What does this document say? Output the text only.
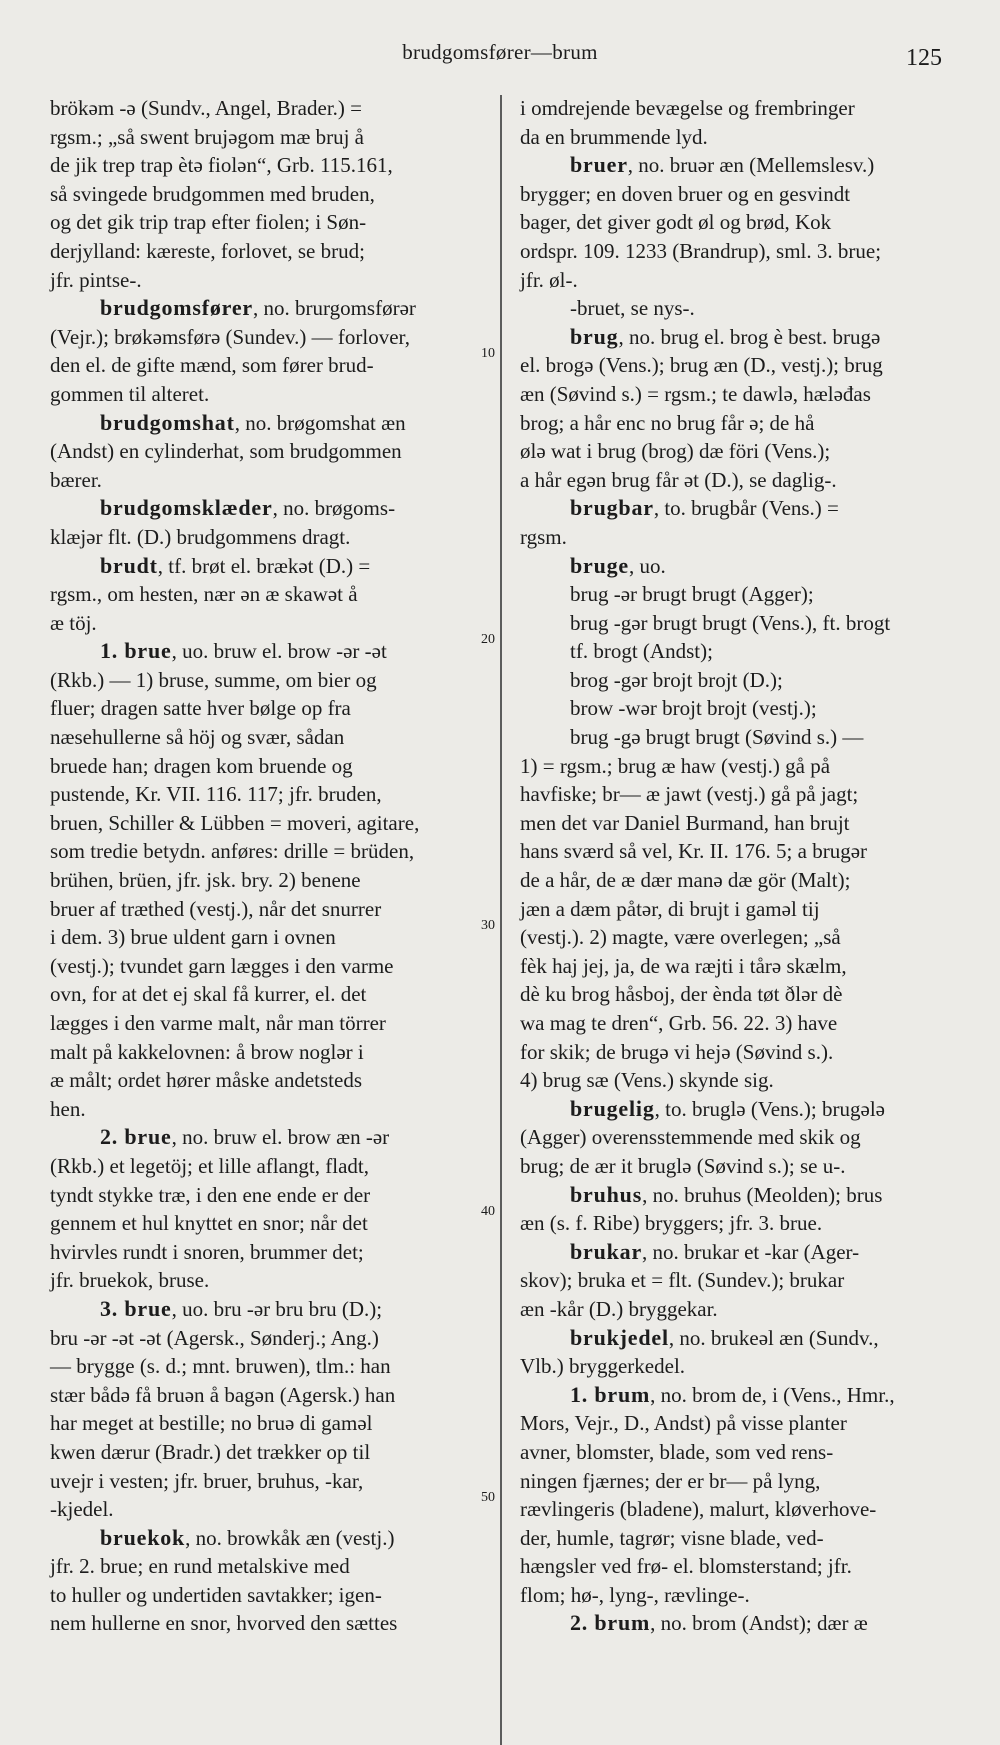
brudgomsfører—brum	125
brökəm -ə (Sundv., Angel, Brader.) =
rgsm.; „så swent brujəgom mæ bruj å
de jik trep trap ètə fiolən“, Grb. 115.161,
så svingede brudgommen med bruden,
og det gik trip trap efter fiolen; i Søn-
derjylland: kæreste, forlovet, se brud;
jfr. pintse-.
brudgomsfører, no. brurgomsførər
(Vejr.); brøkəmsførə (Sundev.) — forlover,
den el. de gifte mænd, som fører brud-
gommen til alteret.
brudgomshat, no. brøgomshat æn
(Andst) en cylinderhat, som brudgommen
bærer.
brudgomsklæder, no. brøgoms-
klæjər flt. (D.) brudgommens dragt.
brudt, tf. brøt el. brækət (D.) =
rgsm., om hesten, nær ən æ skawət å
æ töj.
1. brue, uo. bruw el. brow -ər -ət
(Rkb.) — 1) bruse, summe, om bier og
fluer; dragen satte hver bølge op fra
næsehullerne så höj og svær, sådan
bruede han; dragen kom bruende og
pustende, Kr. VII. 116. 117; jfr. bruden,
bruen, Schiller & Lübben = moveri, agitare,
som tredie betydn. anføres: drille = brüden,
brühen, brüen, jfr. jsk. bry. 2) benene
bruer af træthed (vestj.), når det snurrer
i dem. 3) brue uldent garn i ovnen
(vestj.); tvundet garn lægges i den varme
ovn, for at det ej skal få kurrer, el. det
lægges i den varme malt, når man törrer
malt på kakkelovnen: å brow noglər i
æ målt; ordet hører måske andetsteds
hen.
2. brue, no. bruw el. brow æn -ər
(Rkb.) et legetöj; et lille aflangt, fladt,
tyndt stykke træ, i den ene ende er der
gennem et hul knyttet en snor; når det
hvirvles rundt i snoren, brummer det;
jfr. bruekok, bruse.
3. brue, uo. bru -ər bru bru (D.);
bru -ər -ət -ət (Agersk., Sønderj.; Ang.)
— brygge (s. d.; mnt. bruwen), tlm.: han
stær bådə få bruən å bagən (Agersk.) han
har meget at bestille; no bruə di gaməl
kwen dærur (Bradr.) det trækker op til
uvejr i vesten; jfr. bruer, bruhus, -kar,
-kjedel.
bruekok, no. browkåk æn (vestj.)
jfr. 2. brue; en rund metalskive med
to huller og undertiden savtakker; igen-
nem hullerne en snor, hvorved den sættes
i omdrejende bevægelse og frembringer
da en brummende lyd.
bruer, no. bruər æn (Mellemslesv.)
brygger; en doven bruer og en gesvindt
bager, det giver godt øl og brød, Kok
ordspr. 109. 1233 (Brandrup), sml. 3. brue;
jfr. øl-.
-bruet, se nys-.
brug, no. brug el. brog è best. brugə
el. brogə (Vens.); brug æn (D., vestj.); brug
æn (Søvind s.) = rgsm.; te dawlə, hæləđas
brog; a hår enc no brug får ə; de hå
ølə wat i brug (brog) dæ föri (Vens.);
a hår egən brug får ət (D.), se daglig-.
brugbar, to. brugbår (Vens.) =
rgsm.
bruge, uo.
brug -ər brugt brugt (Agger);
brug -gər brugt brugt (Vens.), ft. brogt
tf. brogt (Andst);
brog -gər brojt brojt (D.);
brow -wər brojt brojt (vestj.);
brug -gə brugt brugt (Søvind s.) —
1) = rgsm.; brug æ haw (vestj.) gå på
havfiske; br— æ jawt (vestj.) gå på jagt;
men det var Daniel Burmand, han brujt
hans sværd så vel, Kr. II. 176. 5; a brugər
de a hår, de æ dær manə dæ gör (Malt);
jæn a dæm påtər, di brujt i gaməl tij
(vestj.). 2) magte, være overlegen; „så
fèk haj jej, ja, de wa ræjti i tårə skælm,
dè ku brog håsboj, der ènda tøt ðlər dè
wa mag te dren“, Grb. 56. 22. 3) have
for skik; de brugə vi hejə (Søvind s.).
4) brug sæ (Vens.) skynde sig.
brugelig, to. bruglə (Vens.); brugələ
(Agger) overensstemmende med skik og
brug; de ær it bruglə (Søvind s.); se u-.
bruhus, no. bruhus (Meolden); brus
æn (s. f. Ribe) bryggers; jfr. 3. brue.
brukar, no. brukar et -kar (Ager-
skov); bruka et = flt. (Sundev.); brukar
æn -kår (D.) bryggekar.
brukjedel, no. brukeəl æn (Sundv.,
Vlb.) bryggerkedel.
1. brum, no. brom de, i (Vens., Hmr.,
Mors, Vejr., D., Andst) på visse planter
avner, blomster, blade, som ved rens-
ningen fjærnes; der er br— på lyng,
rævlingeris (bladene), malurt, kløverhove-
der, humle, tagrør; visne blade, ved-
hængsler ved frø- el. blomsterstand; jfr.
flom; hø-, lyng-, rævlinge-.
2. brum, no. brom (Andst); dær æ
10
20
30
40
50
